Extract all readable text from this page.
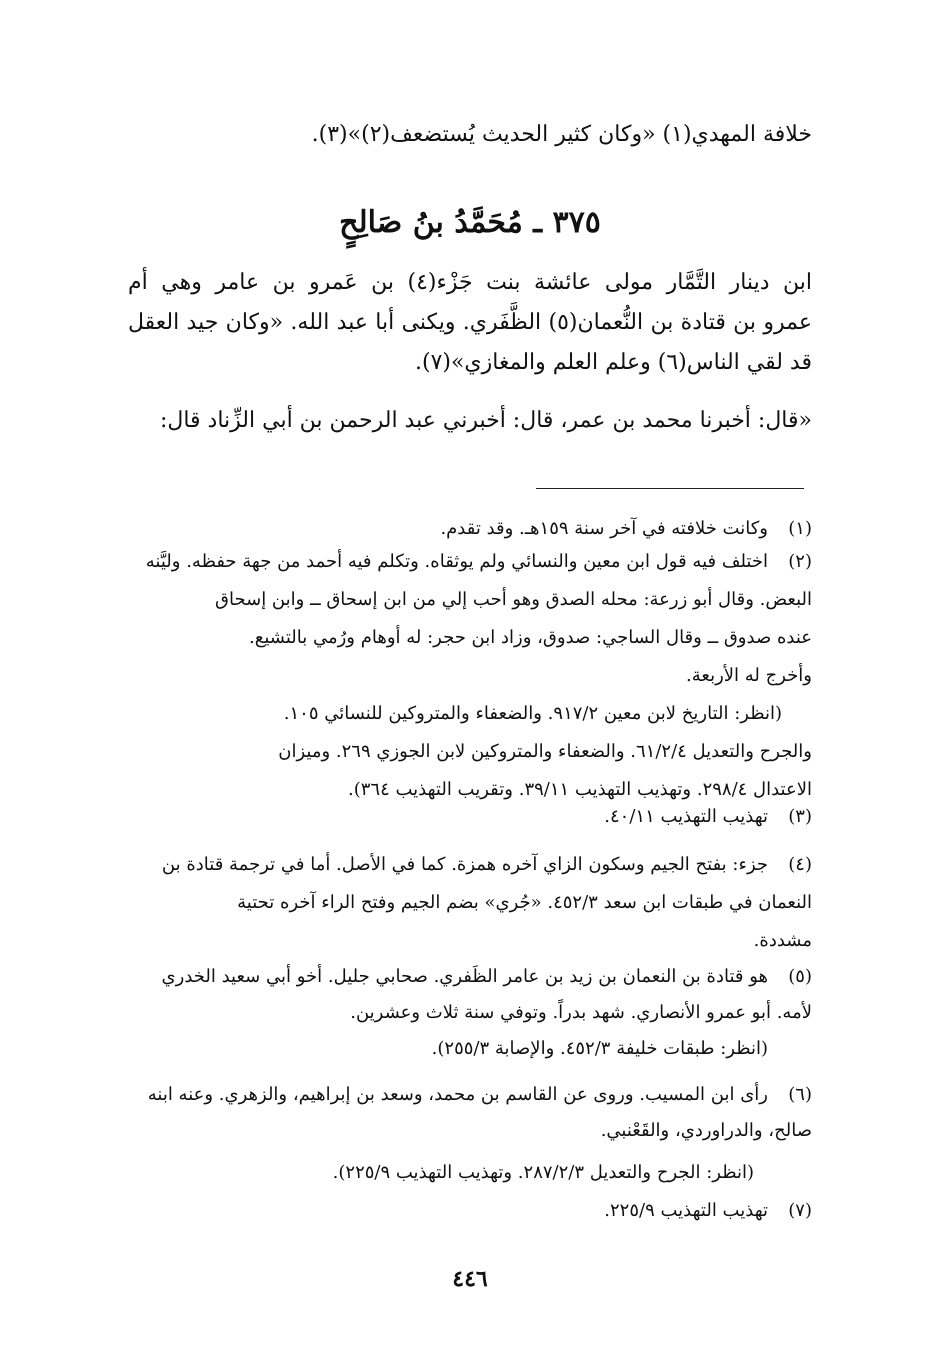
خلافة المهدي(١) «وكان كثير الحديث يُستضعف(٢)»(٣).
٣٧٥ ـ مُحَمَّدُ بنُ صَالِحٍ
ابن دينار التَّمَّار مولى عائشة بنت جَزْء(٤) بن عَمرو بن عامر وهي أم
عمرو بن قتادة بن النُّعمان(٥) الظَّفَري. ويكنى أبا عبد الله. «وكان جيد العقل
قد لقي الناس(٦) وعلم العلم والمغازي»(٧).
«قال: أخبرنا محمد بن عمر، قال: أخبرني عبد الرحمن بن أبي الزِّناد قال:
(١)
وكانت خلافته في آخر سنة ١٥٩هـ. وقد تقدم.
(٢)
اختلف فيه قول ابن معين والنسائي ولم يوثقاه. وتكلم فيه أحمد من جهة حفظه. وليَّنه
البعض. وقال أبو زرعة: محله الصدق وهو أحب إلي من ابن إسحاق ــ وابن إسحاق
عنده صدوق ــ وقال الساجي: صدوق، وزاد ابن حجر: له أوهام ورُمي بالتشيع.
وأخرج له الأربعة.
(انظر: التاريخ لابن معين ٩١٧/٢. والضعفاء والمتروكين للنسائي ١٠٥.
والجرح والتعديل ٦١/٢/٤. والضعفاء والمتروكين لابن الجوزي ٢٦٩. وميزان
الاعتدال ٢٩٨/٤. وتهذيب التهذيب ٣٩/١١. وتقريب التهذيب ٣٦٤).
(٣)
تهذيب التهذيب ٤٠/١١.
(٤)
جزء: بفتح الجيم وسكون الزاي آخره همزة. كما في الأصل. أما في ترجمة قتادة بن
النعمان في طبقات ابن سعد ٤٥٢/٣. «جُري» بضم الجيم وفتح الراء آخره تحتية
مشددة.
(٥)
هو قتادة بن النعمان بن زيد بن عامر الظَفري. صحابي جليل. أخو أبي سعيد الخدري
لأمه. أبو عمرو الأنصاري. شهد بدراً. وتوفي سنة ثلاث وعشرين.
(انظر: طبقات خليفة ٤٥٢/٣. والإصابة ٢٥٥/٣).
(٦)
رأى ابن المسيب. وروى عن القاسم بن محمد، وسعد بن إبراهيم، والزهري. وعنه ابنه
صالح، والدراوردي، والقَعْنبي.
(انظر: الجرح والتعديل ٢٨٧/٢/٣. وتهذيب التهذيب ٢٢٥/٩).
(٧)
تهذيب التهذيب ٢٢٥/٩.
٤٤٦
